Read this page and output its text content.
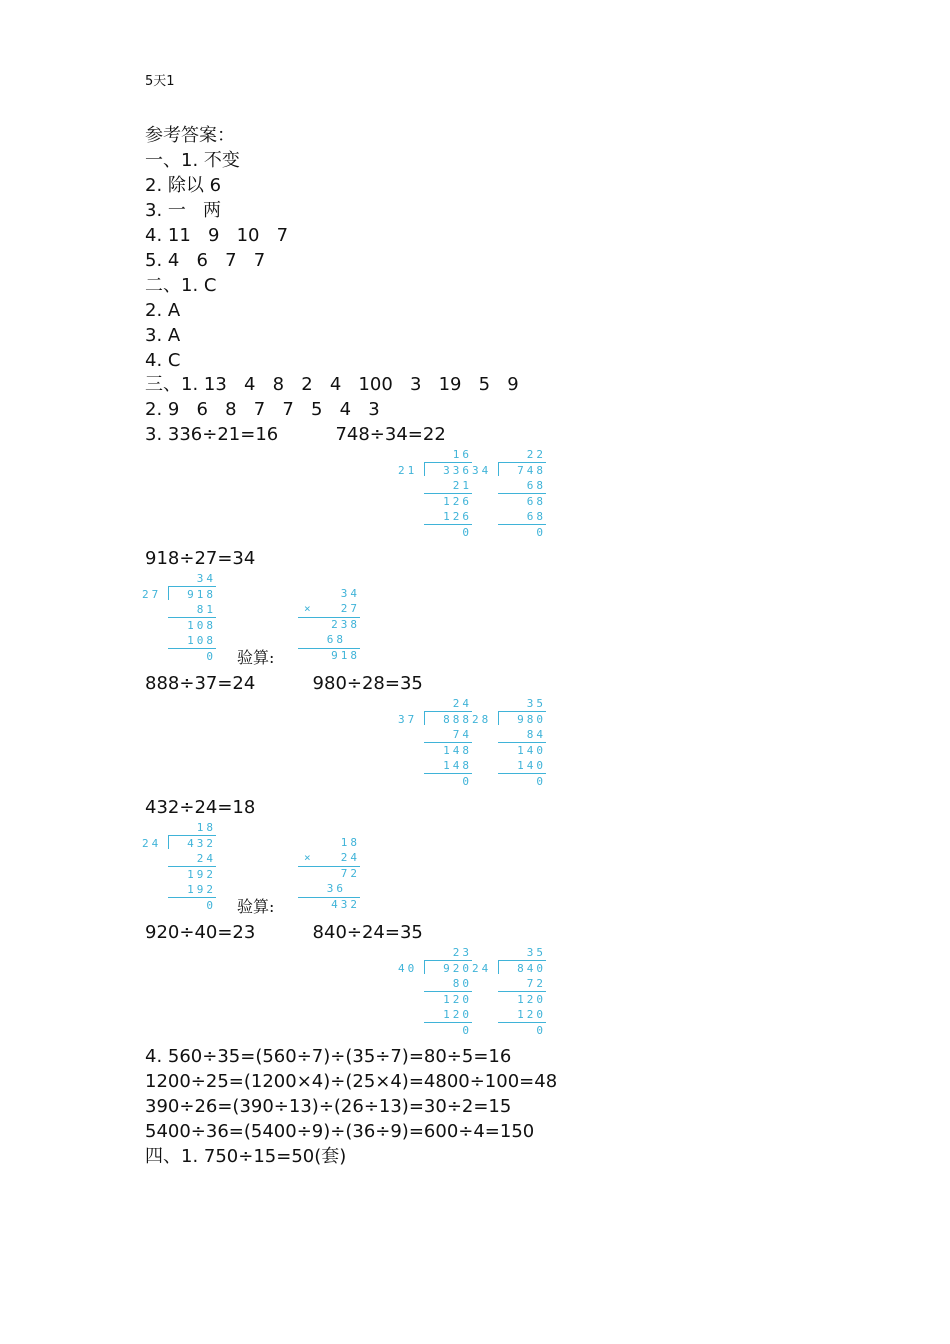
5天1
参考答案：
一、1. 不变
2. 除以 6
3. 一   两
4. 11   9   10   7
5. 4   6   7   7
二、1. C
2. A
3. A
4. C
三、1. 13   4   8   2   4   100   3   19   5   9
2. 9   6   8   7   7   5   4   3
3. 336÷21=16          748÷34=22
918÷27=34
888÷37=24          980÷28=35
432÷24=18
920÷40=23          840÷24=35
4. 560÷35=(560÷7)÷(35÷7)=80÷5=16
1200÷25=(1200×4)÷(25×4)=4800÷100=48
390÷26=(390÷13)÷(26÷13)=30÷2=15
5400÷36=(5400÷9)÷(36÷9)=600÷4=150
四、1. 750÷15=50(套)
21
16
336
21
126
126
0
34
22
748
68
68
68
0
27
34
918
81
108
108
0 验算:
34
×	27
238
68
918
37
24
888
74
148
148
0
28
35
980
84
140
140
0
24
18
432
24
192
192
0 验算:
18
×	24
72
36
432
40
23
920
80
120
120
0
24
35
840
72
120
120
0
